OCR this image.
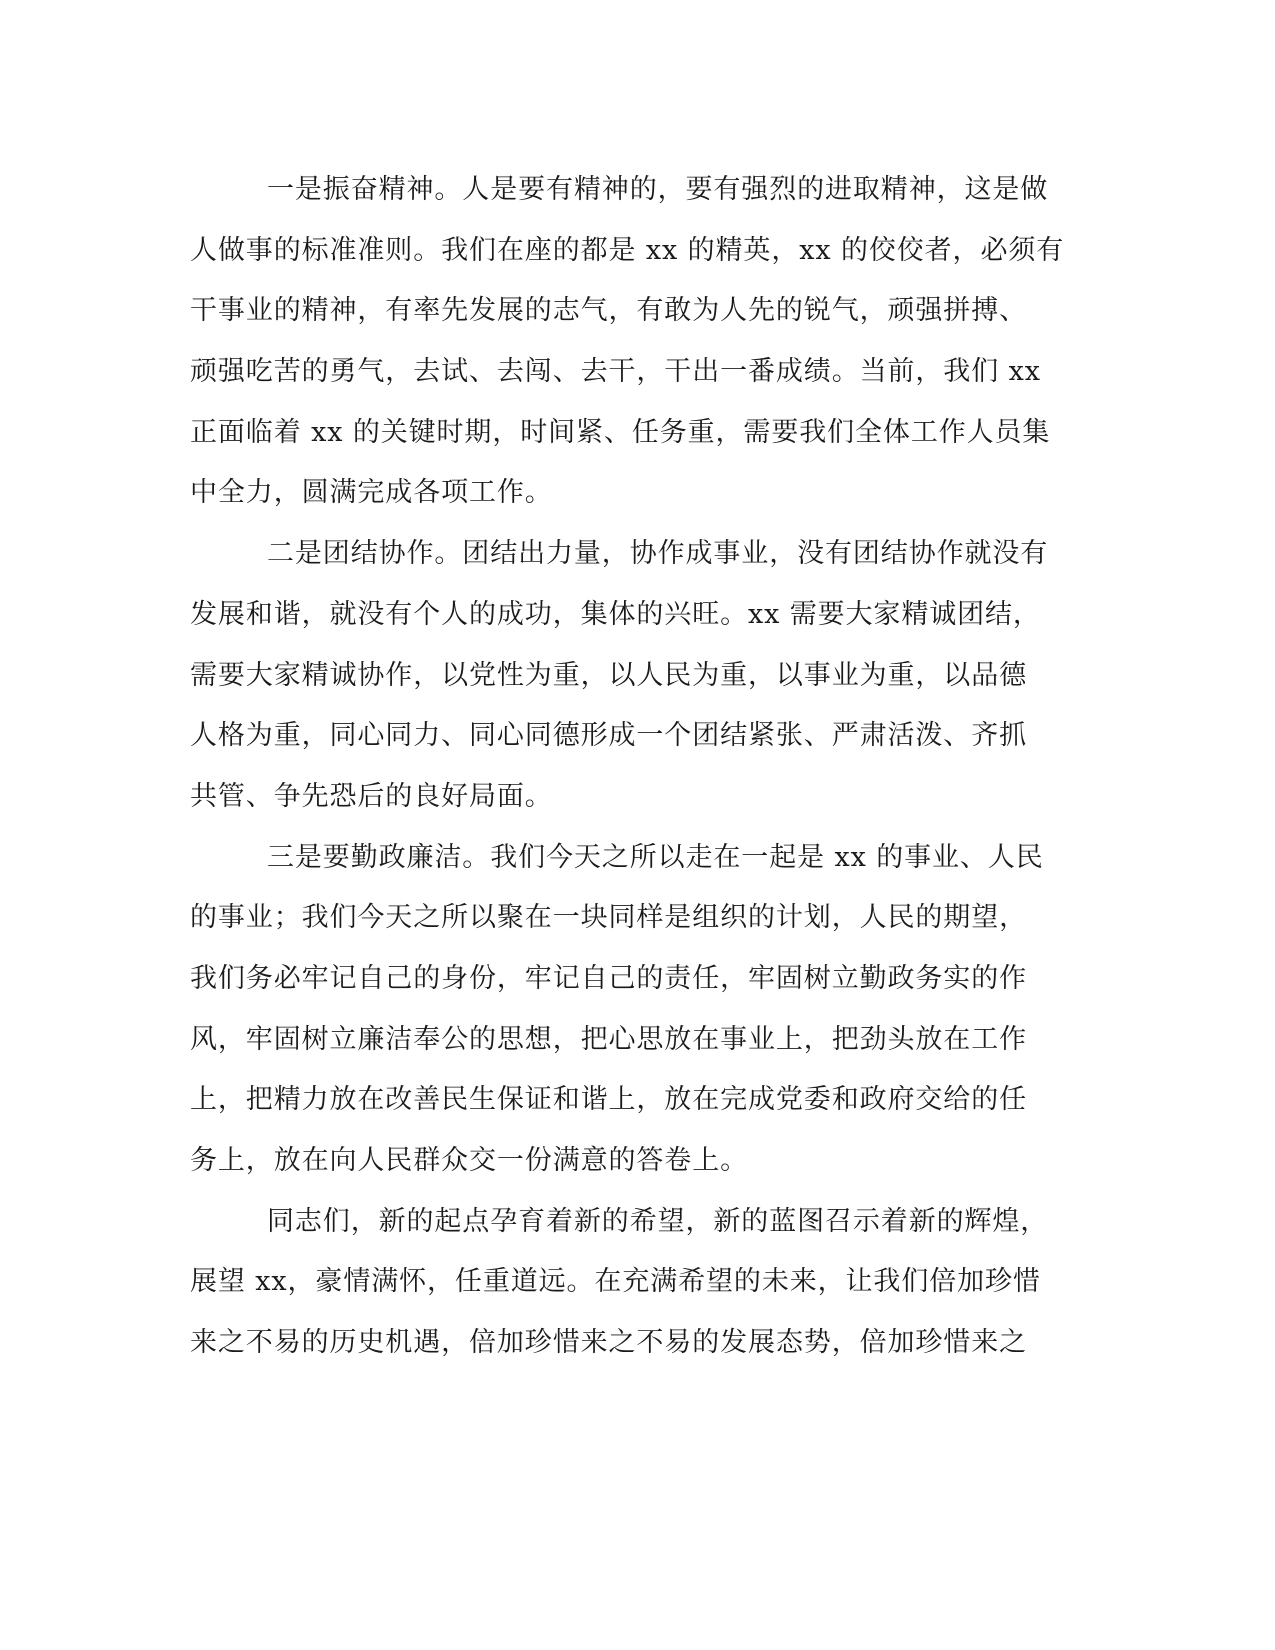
一是振奋精神。人是要有精神的，要有强烈的进取精神，这是做
人做事的标准准则。我们在座的都是 xx 的精英，xx 的佼佼者，必须有
干事业的精神，有率先发展的志气，有敢为人先的锐气，顽强拼搏、
顽强吃苦的勇气，去试、去闯、去干，干出一番成绩。当前，我们 xx
正面临着 xx 的关键时期，时间紧、任务重，需要我们全体工作人员集
中全力，圆满完成各项工作。
二是团结协作。团结出力量，协作成事业，没有团结协作就没有
发展和谐，就没有个人的成功，集体的兴旺。xx 需要大家精诚团结，
需要大家精诚协作，以党性为重，以人民为重，以事业为重，以品德
人格为重，同心同力、同心同德形成一个团结紧张、严肃活泼、齐抓
共管、争先恐后的良好局面。
三是要勤政廉洁。我们今天之所以走在一起是 xx 的事业、人民
的事业；我们今天之所以聚在一块同样是组织的计划，人民的期望，
我们务必牢记自己的身份，牢记自己的责任，牢固树立勤政务实的作
风，牢固树立廉洁奉公的思想，把心思放在事业上，把劲头放在工作
上，把精力放在改善民生保证和谐上，放在完成党委和政府交给的任
务上，放在向人民群众交一份满意的答卷上。
同志们，新的起点孕育着新的希望，新的蓝图召示着新的辉煌，
展望 xx，豪情满怀，任重道远。在充满希望的未来，让我们倍加珍惜
来之不易的历史机遇，倍加珍惜来之不易的发展态势，倍加珍惜来之
